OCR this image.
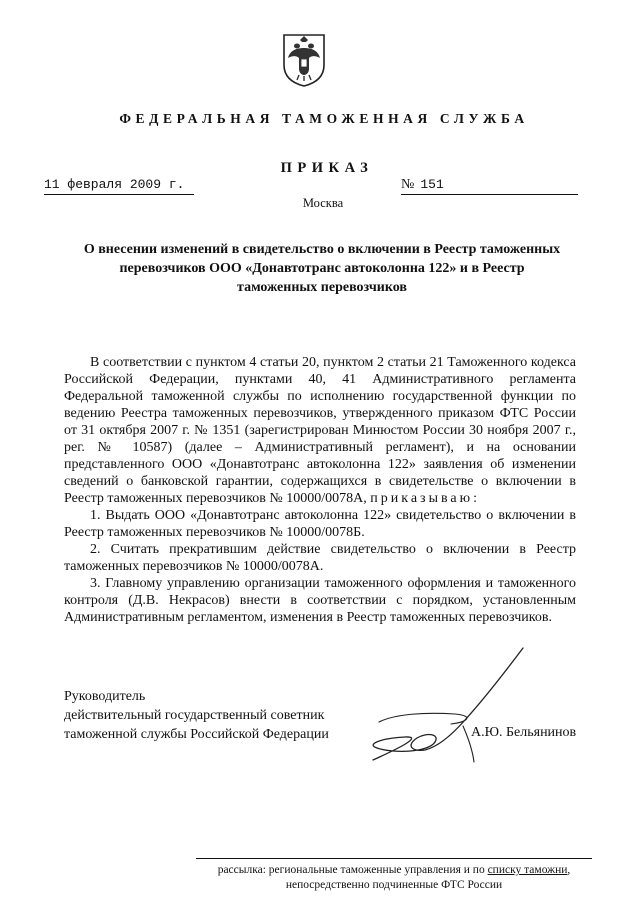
ФЕДЕРАЛЬНАЯ ТАМОЖЕННАЯ СЛУЖБА
ПРИКАЗ
11 февраля 2009 г.	№ 151
Москва
О внесении изменений в свидетельство о включении в Реестр таможенных
перевозчиков ООО «Донавтотранс автоколонна 122» и в Реестр
таможенных перевозчиков

В соответствии с пунктом 4 статьи 20, пунктом 2 статьи 21 Таможенного кодекса Российской Федерации, пунктами 40, 41 Административного регламента Федеральной таможенной службы по исполнению государственной функции по ведению Реестра таможенных перевозчиков, утвержденного приказом ФТС России от 31 октября 2007 г. № 1351 (зарегистрирован Минюстом России 30 ноября 2007 г., рег. № 10587) (далее – Административный регламент), и на основании представленного ООО «Донавтотранс автоколонна 122» заявления об изменении сведений о банковской гарантии, содержащихся в свидетельстве о включении в Реестр таможенных перевозчиков № 10000/0078А, приказываю:

1. Выдать ООО «Донавтотранс автоколонна 122» свидетельство о включении в Реестр таможенных перевозчиков № 10000/0078Б.

2. Считать прекратившим действие свидетельство о включении в Реестр таможенных перевозчиков № 10000/0078А.

3. Главному управлению организации таможенного оформления и таможенного контроля (Д.В. Некрасов) внести в соответствии с порядком, установленным Административным регламентом, изменения в Реестр таможенных перевозчиков.

Руководитель
действительный государственный советник
таможенной службы Российской Федерации	А.Ю. Бельянинов
рассылка: региональные таможенные управления и по списку таможни,
непосредственно подчиненные ФТС России
